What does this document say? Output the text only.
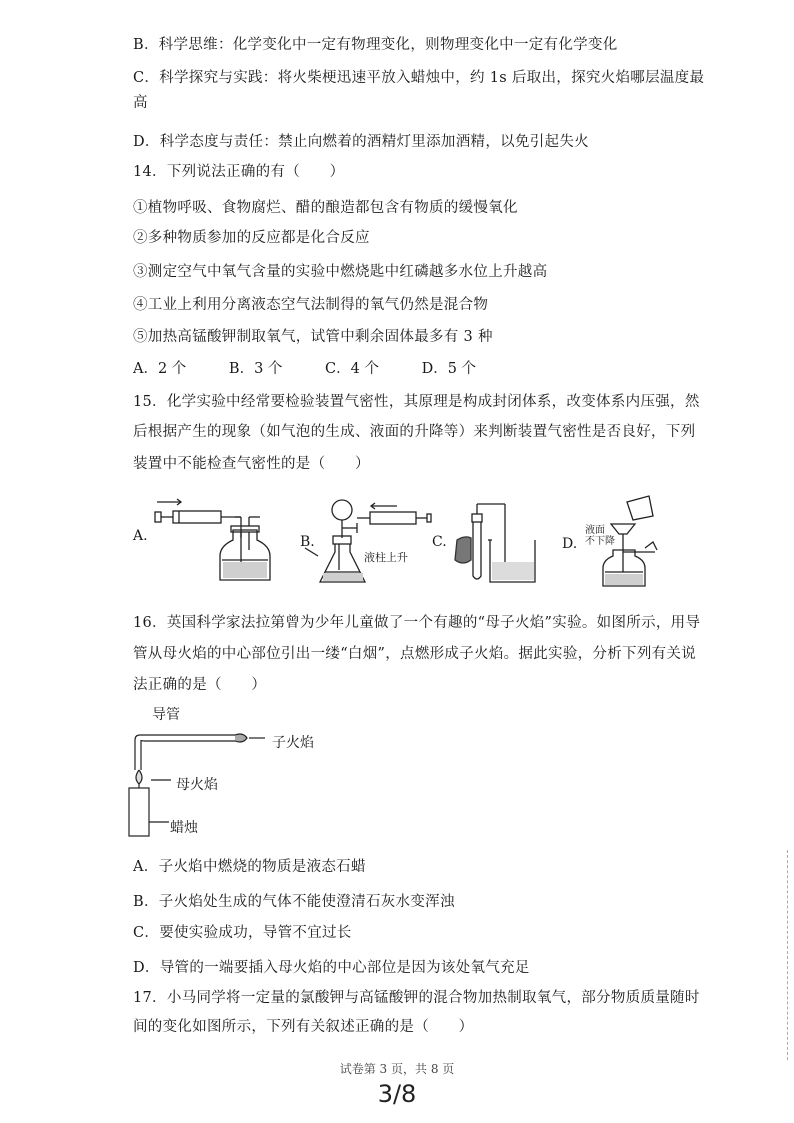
B．科学思维：化学变化中一定有物理变化，则物理变化中一定有化学变化
C．科学探究与实践：将火柴梗迅速平放入蜡烛中，约 1s 后取出，探究火焰哪层温度最
高
D．科学态度与责任：禁止向燃着的酒精灯里添加酒精，以免引起失火
14．下列说法正确的有（　　）
①植物呼吸、食物腐烂、醋的酿造都包含有物质的缓慢氧化
②多种物质参加的反应都是化合反应
③测定空气中氧气含量的实验中燃烧匙中红磷越多水位上升越高
④工业上利用分离液态空气法制得的氧气仍然是混合物
⑤加热高锰酸钾制取氧气，试管中剩余固体最多有 3 种
A．2 个	B．3 个	C．4 个	D．5 个
15．化学实验中经常要检验装置气密性，其原理是构成封闭体系，改变体系内压强，然
后根据产生的现象（如气泡的生成、液面的升降等）来判断装置气密性是否良好，下列
装置中不能检查气密性的是（　　）
A.	B.	C.	D.
液柱上升
液面
不下降
16．英国科学家法拉第曾为少年儿童做了一个有趣的“母子火焰”实验。如图所示，用导
管从母火焰的中心部位引出一缕“白烟”，点燃形成子火焰。据此实验，分析下列有关说
法正确的是（　　）
导管
子火焰
母火焰
蜡烛
A．子火焰中燃烧的物质是液态石蜡
B．子火焰处生成的气体不能使澄清石灰水变浑浊
C．要使实验成功，导管不宜过长
D．导管的一端要插入母火焰的中心部位是因为该处氧气充足
17．小马同学将一定量的氯酸钾与高锰酸钾的混合物加热制取氧气，部分物质质量随时
间的变化如图所示，下列有关叙述正确的是（　　）
试卷第 3 页，共 8 页
3/8
